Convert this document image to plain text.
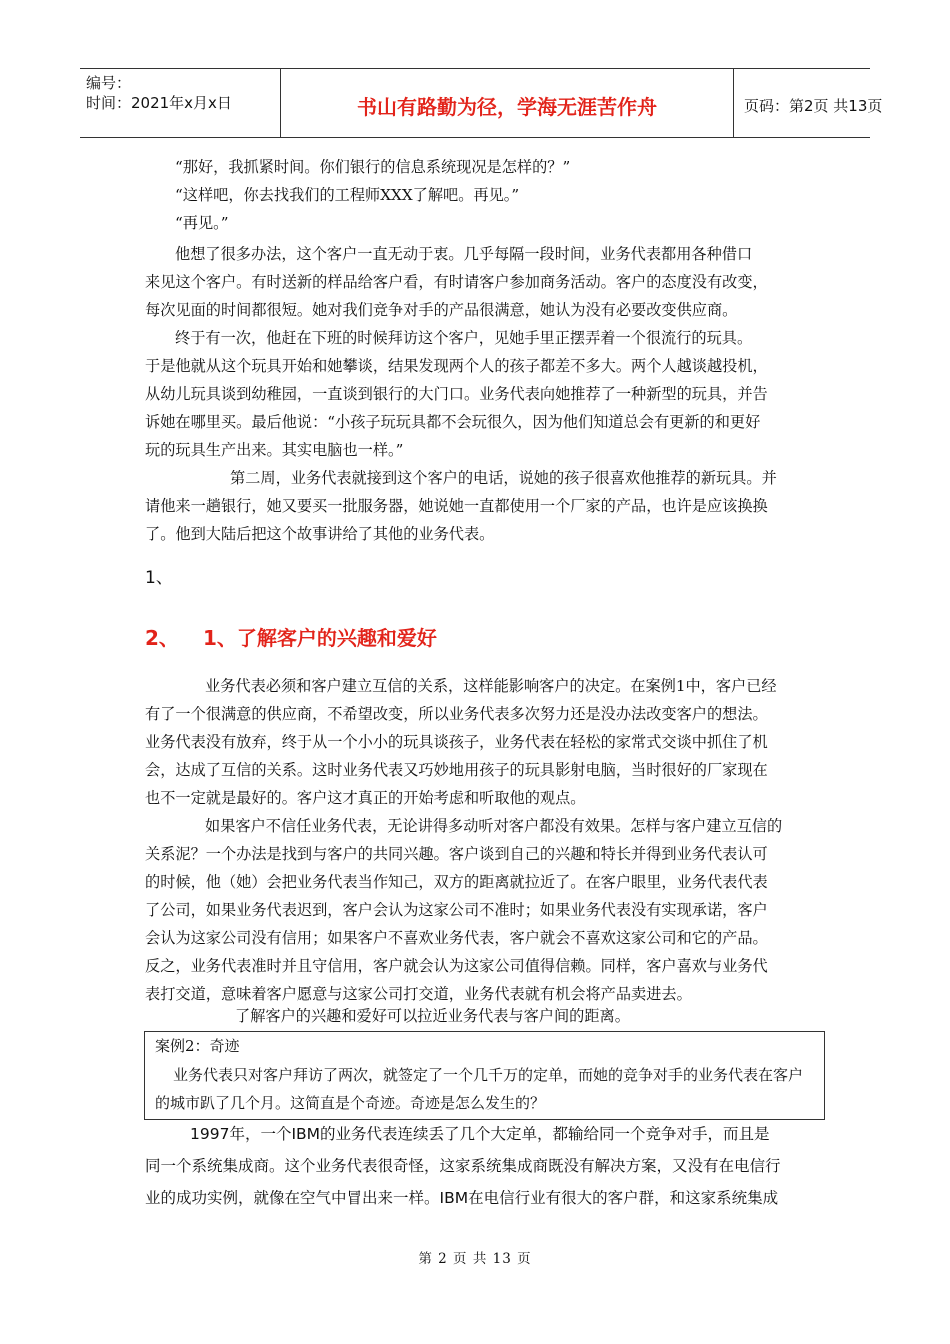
编号：
时间：2021年x月x日	书山有路勤为径，学海无涯苦作舟	页码：第2页 共13页
“那好，我抓紧时间。你们银行的信息系统现况是怎样的？”
“这样吧，你去找我们的工程师XXX了解吧。再见。”
“再见。”
他想了很多办法，这个客户一直无动于衷。几乎每隔一段时间，业务代表都用各种借口
来见这个客户。有时送新的样品给客户看，有时请客户参加商务活动。客户的态度没有改变，
每次见面的时间都很短。她对我们竞争对手的产品很满意，她认为没有必要改变供应商。
终于有一次，他赶在下班的时候拜访这个客户，见她手里正摆弄着一个很流行的玩具。
于是他就从这个玩具开始和她攀谈，结果发现两个人的孩子都差不多大。两个人越谈越投机，
从幼儿玩具谈到幼稚园，一直谈到银行的大门口。业务代表向她推荐了一种新型的玩具，并告
诉她在哪里买。最后他说：“小孩子玩玩具都不会玩很久，因为他们知道总会有更新的和更好
玩的玩具生产出来。其实电脑也一样。”
第二周，业务代表就接到这个客户的电话，说她的孩子很喜欢他推荐的新玩具。并
请他来一趟银行，她又要买一批服务器，她说她一直都使用一个厂家的产品，也许是应该换换
了。他到大陆后把这个故事讲给了其他的业务代表。
1、
2、 1、了解客户的兴趣和爱好
业务代表必须和客户建立互信的关系，这样能影响客户的决定。在案例1中，客户已经
有了一个很满意的供应商，不希望改变，所以业务代表多次努力还是没办法改变客户的想法。
业务代表没有放弃，终于从一个小小的玩具谈孩子，业务代表在轻松的家常式交谈中抓住了机
会，达成了互信的关系。这时业务代表又巧妙地用孩子的玩具影射电脑，当时很好的厂家现在
也不一定就是最好的。客户这才真正的开始考虑和听取他的观点。
如果客户不信任业务代表，无论讲得多动听对客户都没有效果。怎样与客户建立互信的
关系泥？一个办法是找到与客户的共同兴趣。客户谈到自己的兴趣和特长并得到业务代表认可
的时候，他（她）会把业务代表当作知己，双方的距离就拉近了。在客户眼里，业务代表代表
了公司，如果业务代表迟到，客户会认为这家公司不准时；如果业务代表没有实现承诺，客户
会认为这家公司没有信用；如果客户不喜欢业务代表，客户就会不喜欢这家公司和它的产品。
反之，业务代表准时并且守信用，客户就会认为这家公司值得信赖。同样，客户喜欢与业务代
表打交道，意味着客户愿意与这家公司打交道，业务代表就有机会将产品卖进去。
了解客户的兴趣和爱好可以拉近业务代表与客户间的距离。
案例2：奇迹
业务代表只对客户拜访了两次，就签定了一个几千万的定单，而她的竞争对手的业务代表在客户的城市趴了几个月。这简直是个奇迹。奇迹是怎么发生的？
1997年，一个IBM的业务代表连续丢了几个大定单，都输给同一个竞争对手，而且是
同一个系统集成商。这个业务代表很奇怪，这家系统集成商既没有解决方案，又没有在电信行
业的成功实例，就像在空气中冒出来一样。IBM在电信行业有很大的客户群，和这家系统集成
第 2 页 共 13 页
